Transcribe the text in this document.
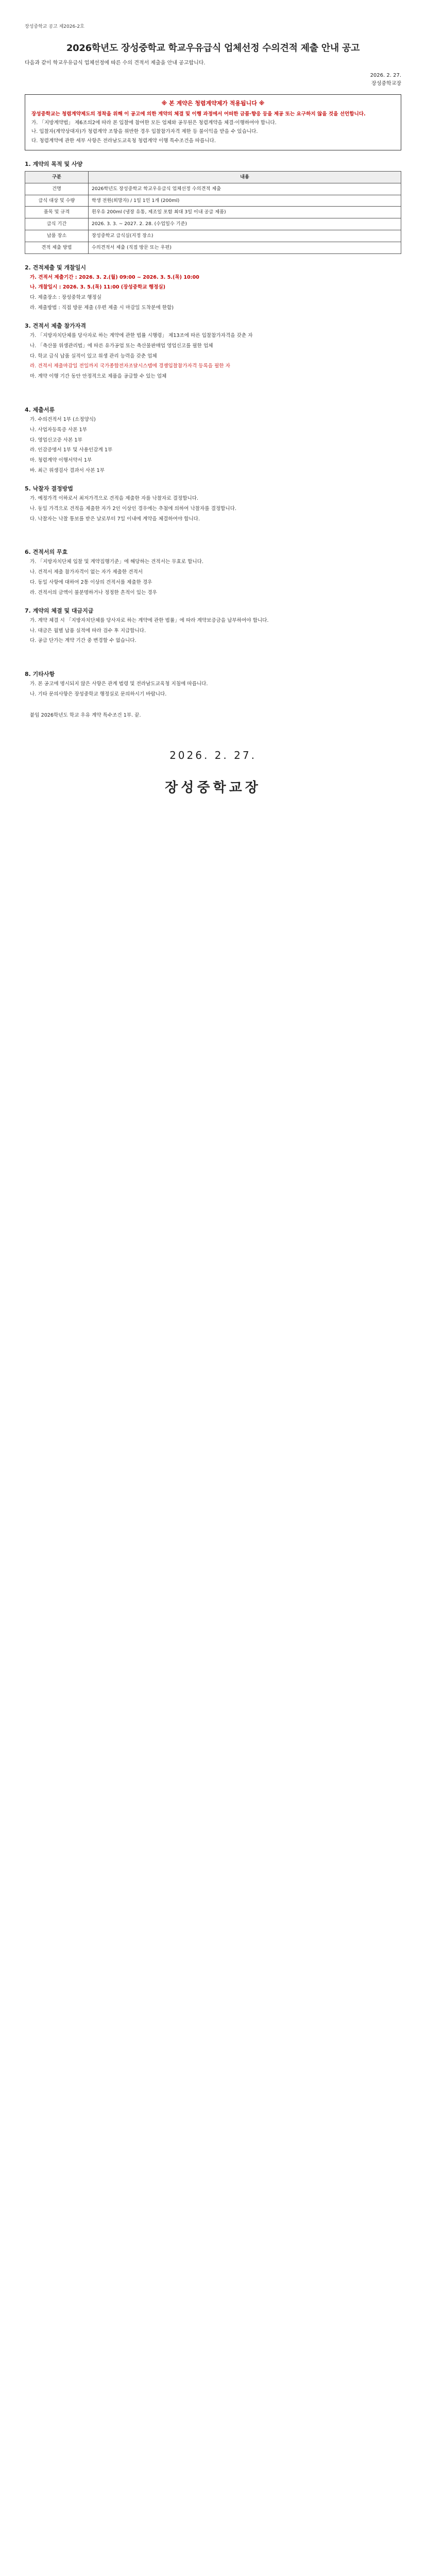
장성중학교 공고 제2026-2호
2026학년도 장성중학교 학교우유급식 업체선정 수의견적 제출 안내 공고
다음과 같이 학교우유급식 업체선정에 따른 수의 견적서 제출을 안내 공고합니다.
2026. 2. 27.
장성중학교장
※ 본 계약은 청렴계약제가 적용됩니다 ※

장성중학교는 청렴계약제도의 정착을 위해 이 공고에 의한 계약의 체결 및 이행 과정에서 어떠한 금품·향응 등을 제공 또는 요구하지 않을 것을 선언합니다.

가. 「지방계약법」 제6조의2에 따라 본 입찰에 참여한 모든 업체와 공무원은 청렴계약을 체결·이행하여야 합니다.

나. 입찰자(계약상대자)가 청렴계약 조항을 위반한 경우 입찰참가자격 제한 등 불이익을 받을 수 있습니다.

다. 청렴계약에 관한 세부 사항은 전라남도교육청 청렴계약 이행 특수조건을 따릅니다.

1. 계약의 목적 및 사양
구분	내용
건명	2026학년도 장성중학교 학교우유급식 업체선정 수의견적 제출
급식 대상 및 수량	학생 전원(희망자) / 1일 1인 1개 (200ml)
품목 및 규격	흰우유 200ml (냉장 유통, 제조일 포함 최대 3일 이내 공급 제품)
급식 기간	2026. 3. 3. ~ 2027. 2. 28. (수업일수 기준)
납품 장소	장성중학교 급식실(지정 장소)
견적 제출 방법	수의견적서 제출 (직접 방문 또는 우편)
2. 견적제출 및 개찰일시
가. 견적서 제출기간 : 2026. 3. 2.(월) 09:00 ~ 2026. 3. 5.(목) 10:00
나. 개찰일시 : 2026. 3. 5.(목) 11:00 (장성중학교 행정실)
다. 제출장소 : 장성중학교 행정실
라. 제출방법 : 직접 방문 제출 (우편 제출 시 마감일 도착분에 한함)
3. 견적서 제출 참가자격
가. 「지방자치단체를 당사자로 하는 계약에 관한 법률 시행령」 제13조에 따른 입찰참가자격을 갖춘 자
나. 「축산물 위생관리법」에 따른 유가공업 또는 축산물판매업 영업신고를 필한 업체
다. 학교 급식 납품 실적이 있고 위생 관리 능력을 갖춘 업체
라. 견적서 제출마감일 전일까지 국가종합전자조달시스템에 경쟁입찰참가자격 등록을 필한 자
마. 계약 이행 기간 동안 안정적으로 제품을 공급할 수 있는 업체
4. 제출서류
가. 수의견적서 1부 (소정양식)
나. 사업자등록증 사본 1부
다. 영업신고증 사본 1부
라. 인감증명서 1부 및 사용인감계 1부
마. 청렴계약 이행서약서 1부
바. 최근 위생검사 결과서 사본 1부
5. 낙찰자 결정방법
가. 예정가격 이하로서 최저가격으로 견적을 제출한 자를 낙찰자로 결정합니다.
나. 동일 가격으로 견적을 제출한 자가 2인 이상인 경우에는 추첨에 의하여 낙찰자를 결정합니다.
다. 낙찰자는 낙찰 통보를 받은 날로부터 7일 이내에 계약을 체결하여야 합니다.
6. 견적서의 무효
가. 「지방자치단체 입찰 및 계약집행기준」에 해당하는 견적서는 무효로 합니다.
나. 견적서 제출 참가자격이 없는 자가 제출한 견적서
다. 동일 사항에 대하여 2통 이상의 견적서를 제출한 경우
라. 견적서의 금액이 불분명하거나 정정한 흔적이 있는 경우
7. 계약의 체결 및 대금지급
가. 계약 체결 시 「지방자치단체를 당사자로 하는 계약에 관한 법률」에 따라 계약보증금을 납부하여야 합니다.
나. 대금은 월별 납품 실적에 따라 검수 후 지급합니다.
다. 공급 단가는 계약 기간 중 변경할 수 없습니다.
8. 기타사항
가. 본 공고에 명시되지 않은 사항은 관계 법령 및 전라남도교육청 지침에 따릅니다.
나. 기타 문의사항은 장성중학교 행정실로 문의하시기 바랍니다.
붙임 2026학년도 학교 우유 계약 특수조건 1부. 끝.
2026. 2. 27.
장성중학교장
